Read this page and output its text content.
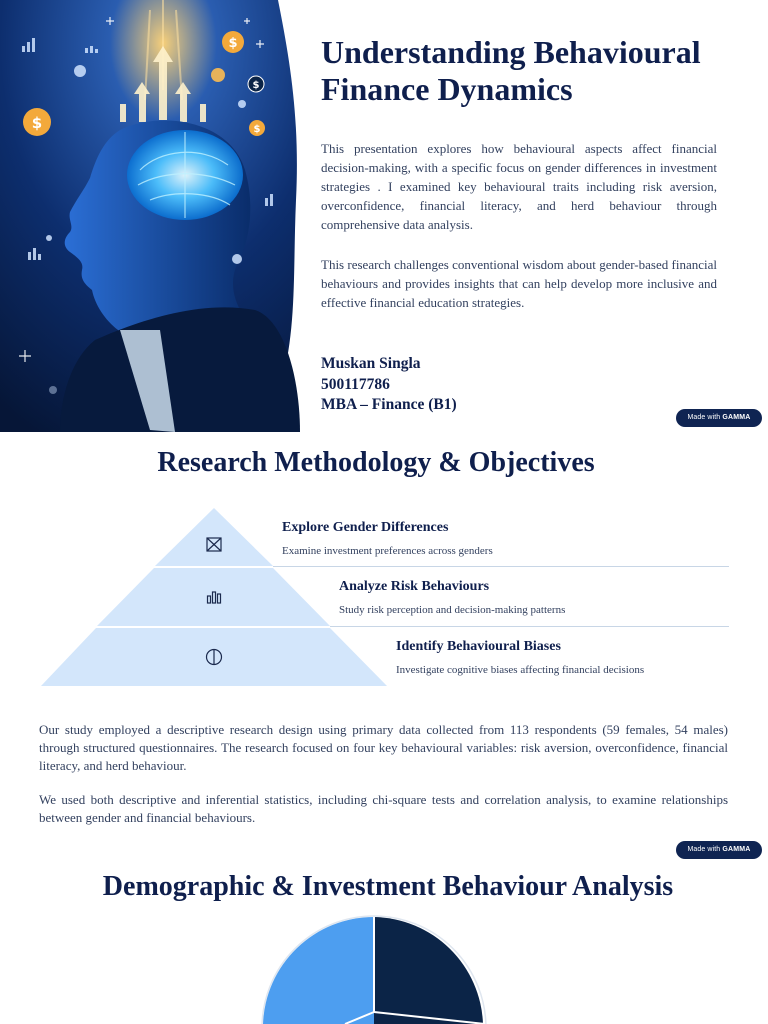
$
$
$
$
Understanding Behavioural Finance Dynamics

This presentation explores how behavioural aspects affect financial decision-making, with a specific focus on gender differences in investment strategies . I examined key behavioural traits including risk aversion, overconfidence, financial literacy, and herd behaviour through comprehensive data analysis.

This research challenges conventional wisdom about gender-based financial behaviours and provides insights that can help develop more inclusive and effective financial education strategies.

Muskan Singla
500117786
MBA – Finance (B1)
Made with GAMMA
Research Methodology & Objectives
Explore Gender Differences
Examine investment preferences across genders
Analyze Risk Behaviours
Study risk perception and decision-making patterns
Identify Behavioural Biases
Investigate cognitive biases affecting financial decisions

Our study employed a descriptive research design using primary data collected from 113 respondents (59 females, 54 males) through structured questionnaires. The research focused on four key behavioural variables: risk aversion, overconfidence, financial literacy, and herd behaviour.

We used both descriptive and inferential statistics, including chi-square tests and correlation analysis, to examine relationships between gender and financial behaviours.

Made with GAMMA
Demographic & Investment Behaviour Analysis
